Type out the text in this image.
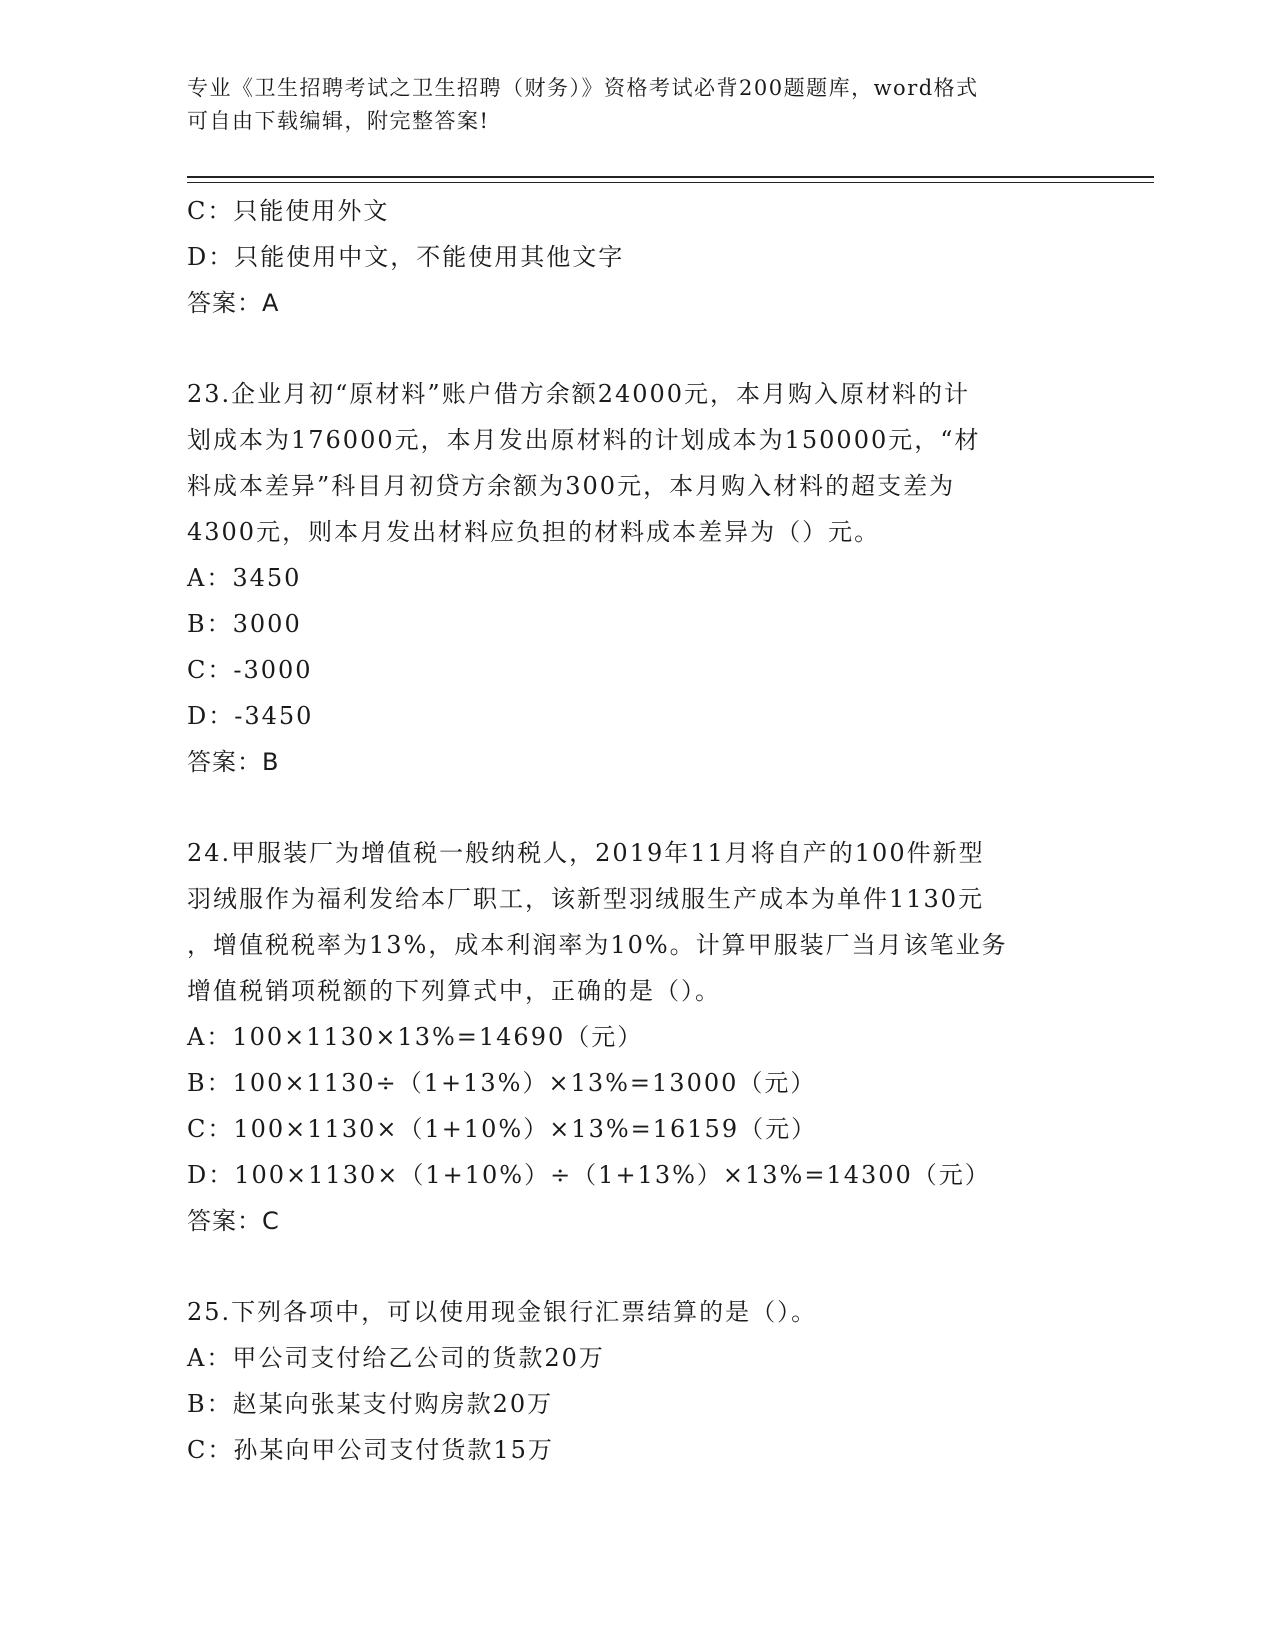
专业《卫生招聘考试之卫生招聘（财务）》资格考试必背200题题库，word格式
可自由下载编辑，附完整答案!
C：只能使用外文
D：只能使用中文，不能使用其他文字
答案：A
23.企业月初“原材料”账户借方余额24000元，本月购入原材料的计
划成本为176000元，本月发出原材料的计划成本为150000元，“材
料成本差异”科目月初贷方余额为300元，本月购入材料的超支差为
4300元，则本月发出材料应负担的材料成本差异为（）元。
A：3450
B：3000
C：-3000
D：-3450
答案：B
24.甲服装厂为增值税一般纳税人，2019年11月将自产的100件新型
羽绒服作为福利发给本厂职工，该新型羽绒服生产成本为单件1130元
，增值税税率为13%，成本利润率为10%。计算甲服装厂当月该笔业务
增值税销项税额的下列算式中，正确的是（）。
A：100×1130×13%=14690（元）
B：100×1130÷（1+13%）×13%=13000（元）
C：100×1130×（1+10%）×13%=16159（元）
D：100×1130×（1+10%）÷（1+13%）×13%=14300（元）
答案：C
25.下列各项中，可以使用现金银行汇票结算的是（）。
A：甲公司支付给乙公司的货款20万
B：赵某向张某支付购房款20万
C：孙某向甲公司支付货款15万
